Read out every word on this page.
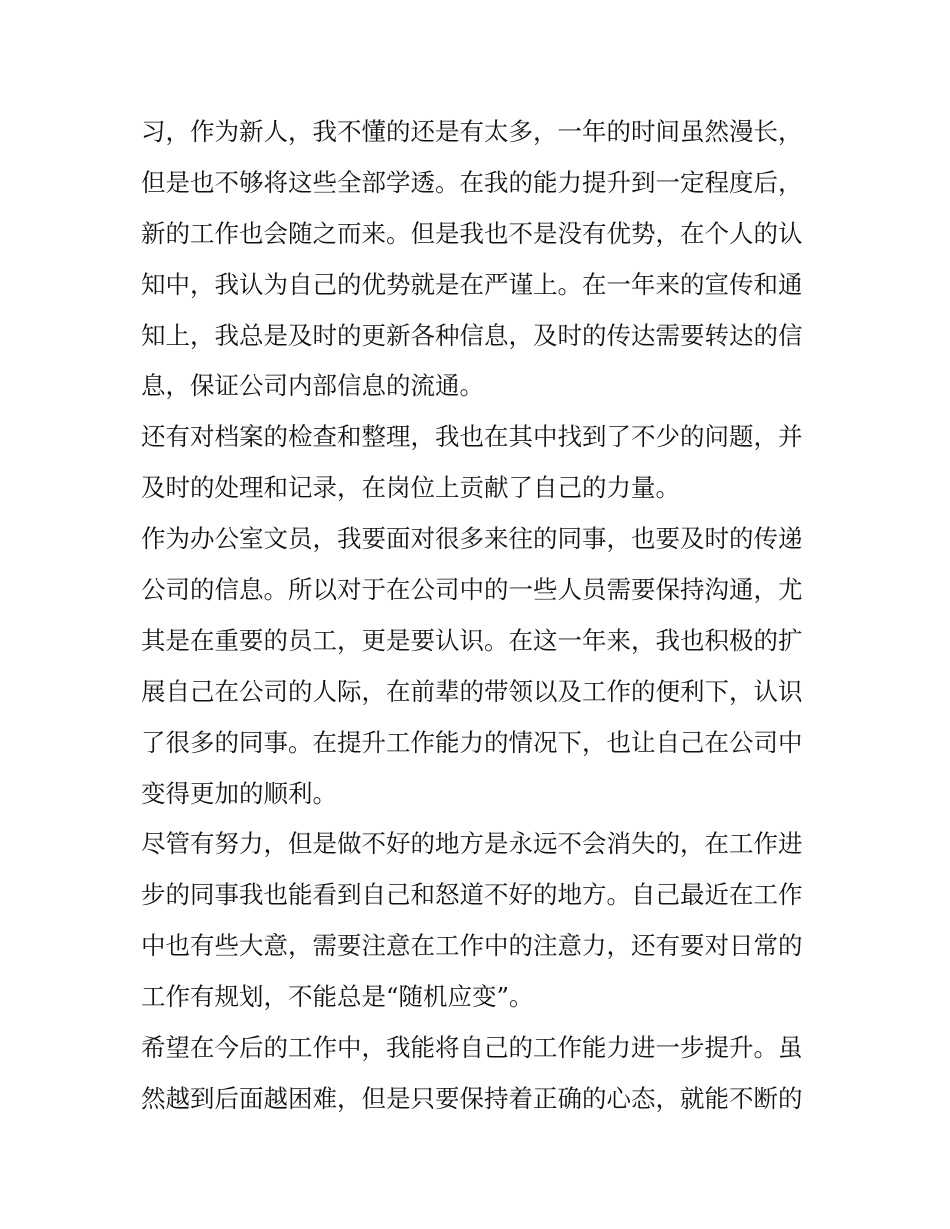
习，作为新人，我不懂的还是有太多，一年的时间虽然漫长，
但是也不够将这些全部学透。在我的能力提升到一定程度后，
新的工作也会随之而来。但是我也不是没有优势，在个人的认
知中，我认为自己的优势就是在严谨上。在一年来的宣传和通
知上，我总是及时的更新各种信息，及时的传达需要转达的信
息，保证公司内部信息的流通。
还有对档案的检查和整理，我也在其中找到了不少的问题，并
及时的处理和记录，在岗位上贡献了自己的力量。
作为办公室文员，我要面对很多来往的同事，也要及时的传递
公司的信息。所以对于在公司中的一些人员需要保持沟通，尤
其是在重要的员工，更是要认识。在这一年来，我也积极的扩
展自己在公司的人际，在前辈的带领以及工作的便利下，认识
了很多的同事。在提升工作能力的情况下，也让自己在公司中
变得更加的顺利。
尽管有努力，但是做不好的地方是永远不会消失的，在工作进
步的同事我也能看到自己和怒道不好的地方。自己最近在工作
中也有些大意，需要注意在工作中的注意力，还有要对日常的
工作有规划，不能总是“随机应变”。
希望在今后的工作中，我能将自己的工作能力进一步提升。虽
然越到后面越困难，但是只要保持着正确的心态，就能不断的
